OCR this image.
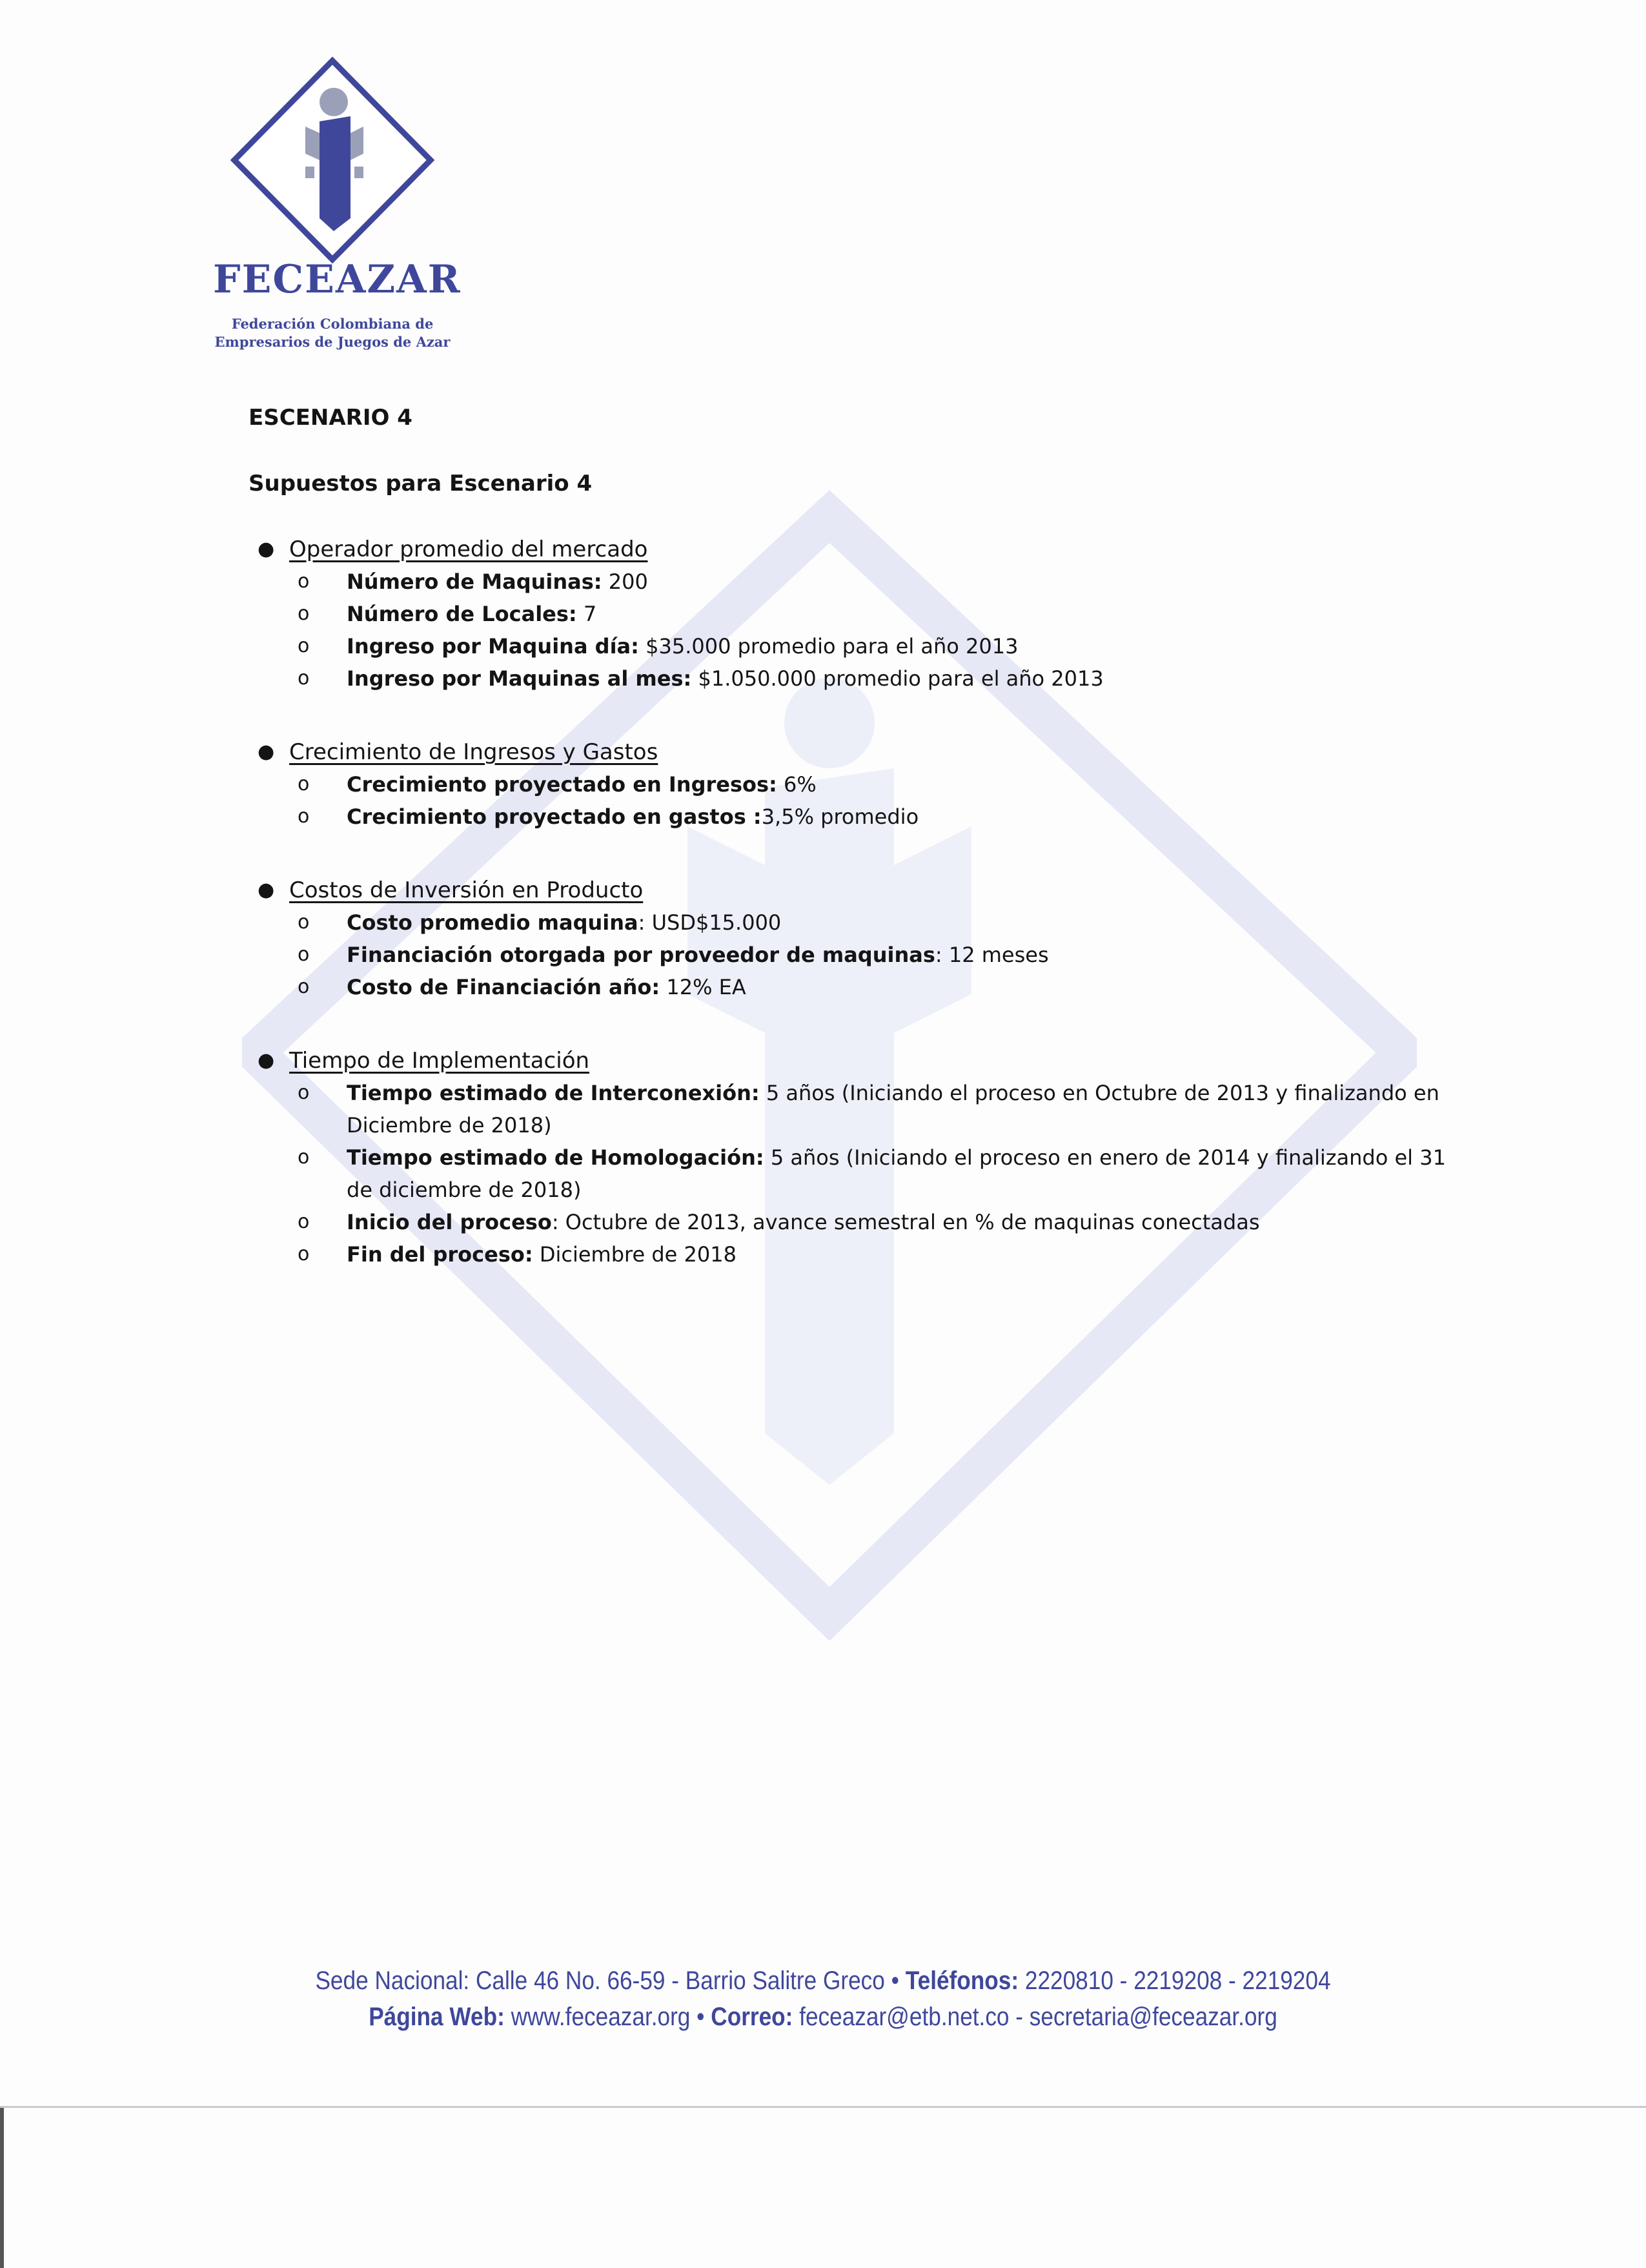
FECEAZAR
Federación Colombiana de
Empresarios de Juegos de Azar

ESCENARIO 4

Supuestos para Escenario 4

● Operador promedio del mercado
o Número de Maquinas: 200
o Número de Locales: 7
o Ingreso por Maquina día: $35.000 promedio para el año 2013
o Ingreso por Maquinas al mes: $1.050.000 promedio para el año 2013
● Crecimiento de Ingresos y Gastos
o Crecimiento proyectado en Ingresos: 6%
o Crecimiento proyectado en gastos :3,5% promedio
● Costos de Inversión en Producto
o Costo promedio maquina: USD$15.000
o Financiación otorgada por proveedor de maquinas: 12 meses
o Costo de Financiación año: 12% EA
● Tiempo de Implementación
o Tiempo estimado de Interconexión: 5 años (Iniciando el proceso en Octubre de 2013 y finalizando en Diciembre de 2018)
o Tiempo estimado de Homologación: 5 años (Iniciando el proceso en enero de 2014 y finalizando el 31 de diciembre de 2018)
o Inicio del proceso: Octubre de 2013, avance semestral en % de maquinas conectadas
o Fin del proceso: Diciembre de 2018
Sede Nacional: Calle 46 No. 66-59 - Barrio Salitre Greco • Teléfonos: 2220810 - 2219208 - 2219204
Página Web: www.feceazar.org • Correo: feceazar@etb.net.co - secretaria@feceazar.org
